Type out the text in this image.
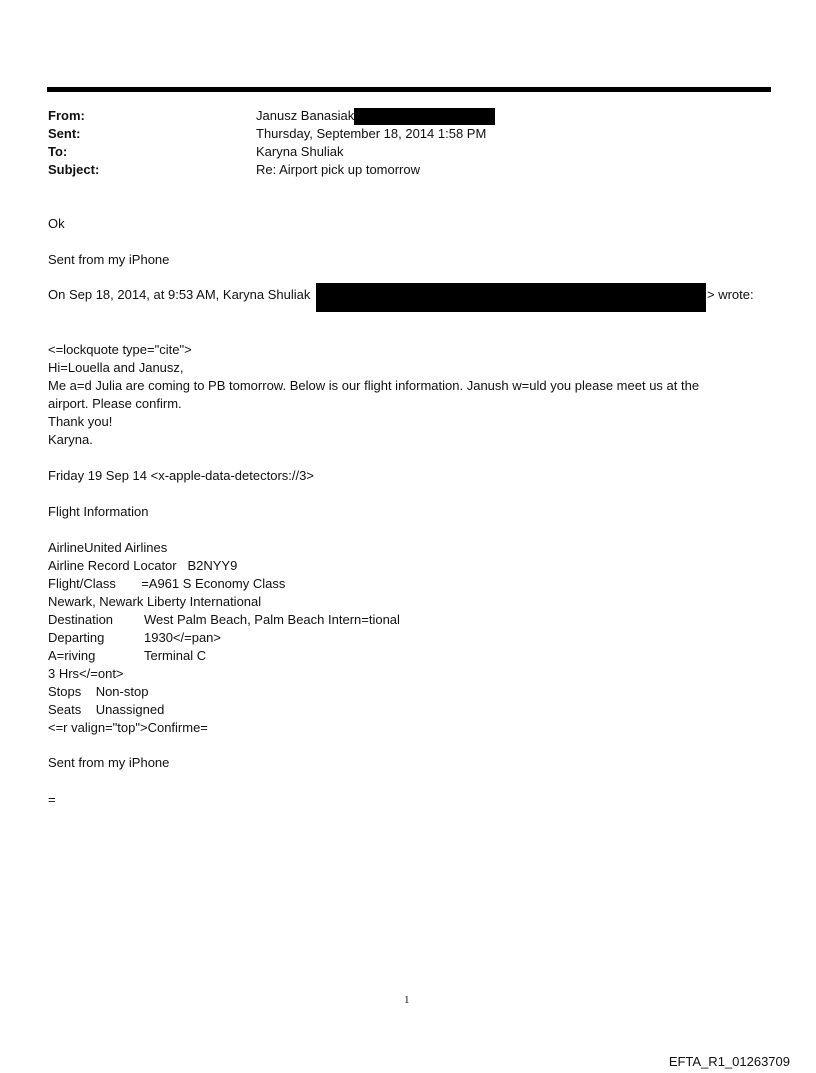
From:	Janusz Banasiak
Sent:	Thursday, September 18, 2014 1:58 PM
To:	Karyna Shuliak
Subject:	Re: Airport pick up tomorrow
Ok
Sent from my iPhone
On Sep 18, 2014, at 9:53 AM, Karyna Shuliak	> wrote:
<=lockquote type="cite">
Hi=Louella and Janusz,
Me a=d Julia are coming to PB tomorrow. Below is our flight information. Janush w=uld you please meet us at the
airport. Please confirm.
Thank you!
Karyna.
Friday 19 Sep 14 <x-apple-data-detectors://3>
Flight Information
AirlineUnited Airlines
Airline Record Locator   B2NYY9
Flight/Class       =A961 S Economy Class
Newark, Newark Liberty International
Destination West Palm Beach, Palm Beach Intern=tional
Departing	1930</=pan>
A=riving	Terminal C
3 Hrs</=ont>
Stops    Non-stop
Seats    Unassigned
<=r valign="top">Confirme=
Sent from my iPhone
=
1
EFTA_R1_01263709
